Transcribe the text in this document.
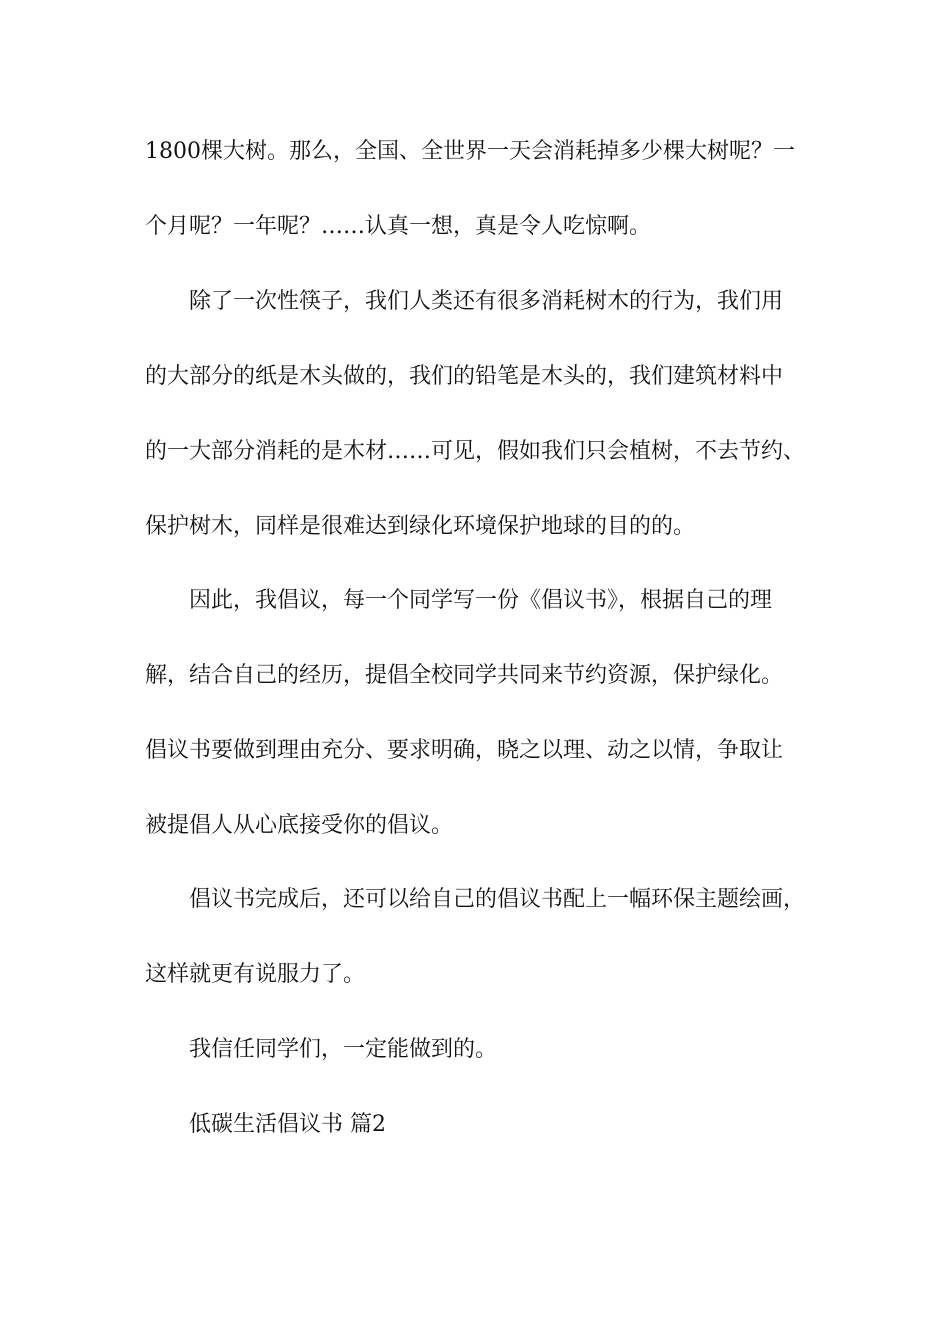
1800棵大树。那么，全国、全世界一天会消耗掉多少棵大树呢？一
个月呢？一年呢？……认真一想，真是令人吃惊啊。
除了一次性筷子，我们人类还有很多消耗树木的行为，我们用
的大部分的纸是木头做的，我们的铅笔是木头的，我们建筑材料中
的一大部分消耗的是木材……可见，假如我们只会植树，不去节约、
保护树木，同样是很难达到绿化环境保护地球的目的的。
因此，我倡议，每一个同学写一份《倡议书》，根据自己的理
解，结合自己的经历，提倡全校同学共同来节约资源，保护绿化。
倡议书要做到理由充分、要求明确，晓之以理、动之以情，争取让
被提倡人从心底接受你的倡议。
倡议书完成后，还可以给自己的倡议书配上一幅环保主题绘画，
这样就更有说服力了。
我信任同学们，一定能做到的。
低碳生活倡议书 篇2
